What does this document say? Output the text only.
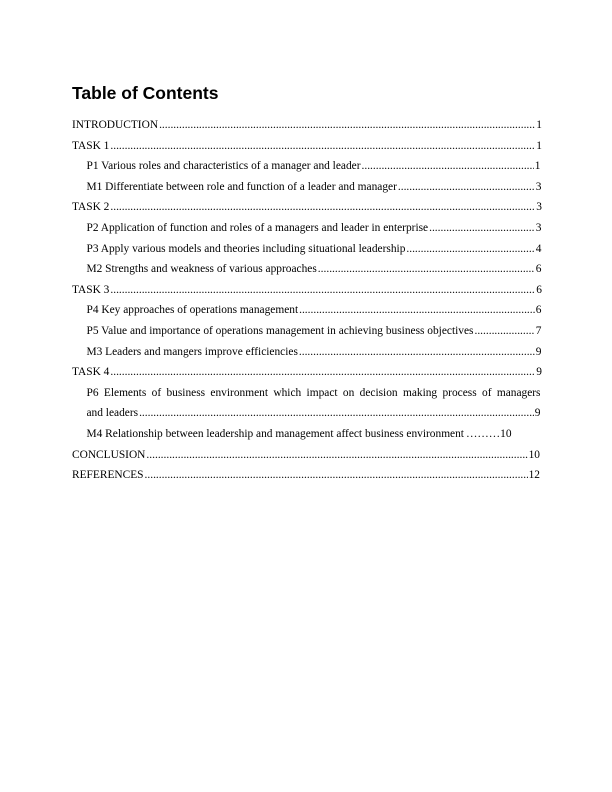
Table of Contents
INTRODUCTION .....	1
TASK 1 .....	1
P1 Various roles and characteristics of a manager and leader .....	1
M1 Differentiate between role and function of a leader and manager .....	3
TASK 2 .....	3
P2 Application of function and roles of a managers and leader in enterprise .....	3
P3 Apply various models and theories including situational leadership .....	4
M2 Strengths and weakness of various approaches .....	6
TASK 3 .....	6
P4 Key approaches of operations management .....	6
P5 Value and importance of operations management in achieving business objectives .....	7
M3 Leaders and mangers improve efficiencies .....	9
TASK 4 .....	9
P6 Elements of business environment which impact on decision making process of managers
and leaders .....	9
M4 Relationship between leadership and management affect business environment ……… 10
CONCLUSION .....	10
REFERENCES .....	12
